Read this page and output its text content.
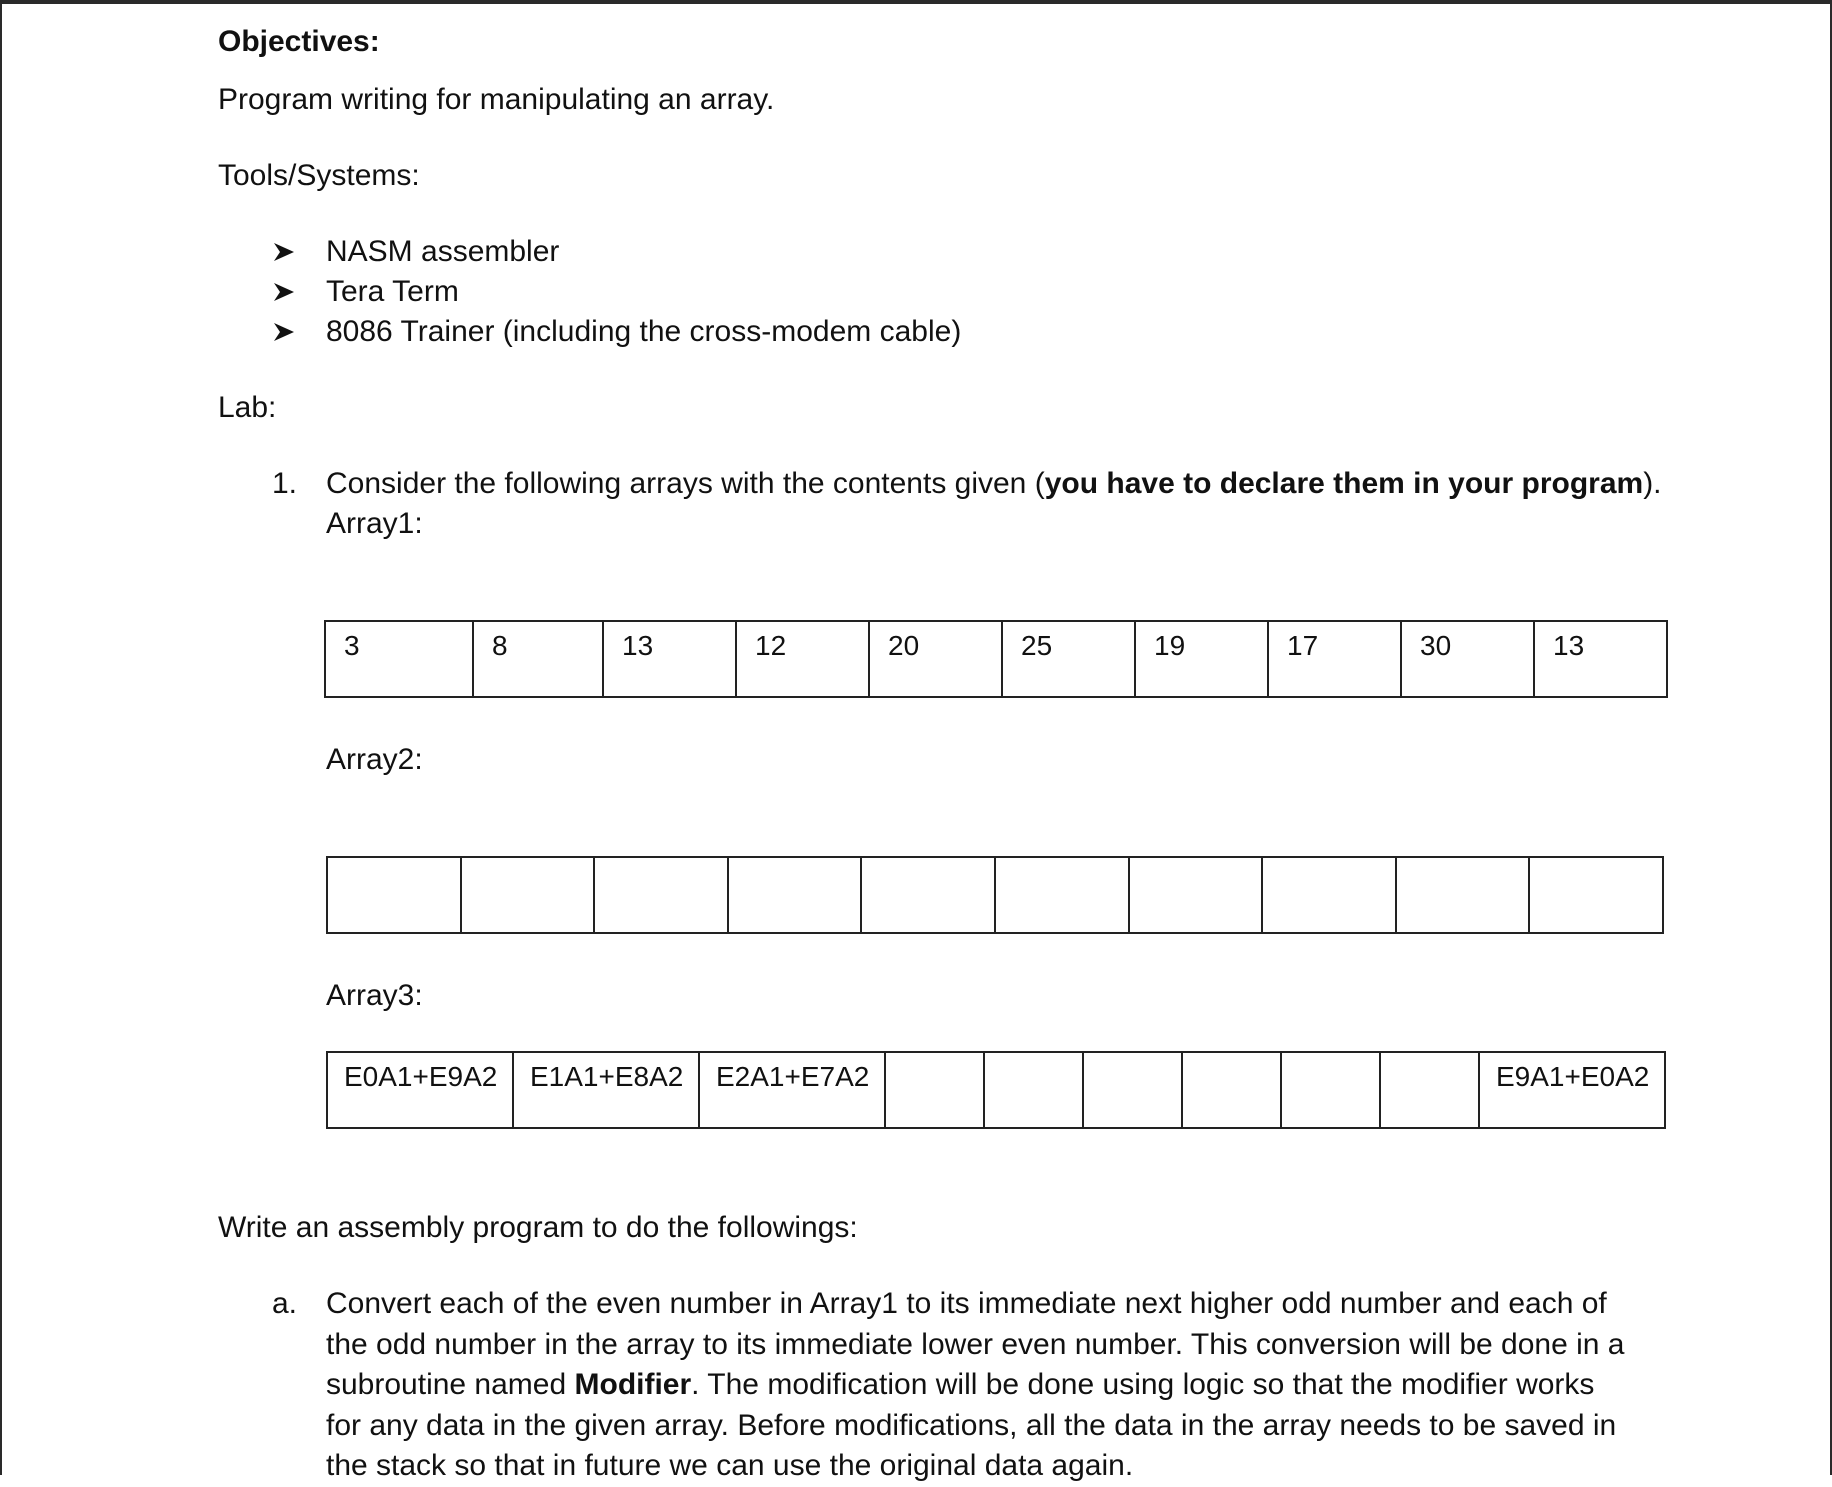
Objectives:
Program writing for manipulating an array.
Tools/Systems:
NASM assembler
Tera Term
8086 Trainer (including the cross-modem cable)
Lab:
1. Consider the following arrays with the contents given (you have to declare them in your program).
Array1:
3	8	13	12	20	25	19	17	30	13
Array2:

Array3:
E0A1+E9A2	E1A1+E8A2	E2A1+E7A2							E9A1+E0A2
Write an assembly program to do the followings:
a. Convert each of the even number in Array1 to its immediate next higher odd number and each of
the odd number in the array to its immediate lower even number. This conversion will be done in a
subroutine named Modifier. The modification will be done using logic so that the modifier works
for any data in the given array. Before modifications, all the data in the array needs to be saved in
the stack so that in future we can use the original data again.
